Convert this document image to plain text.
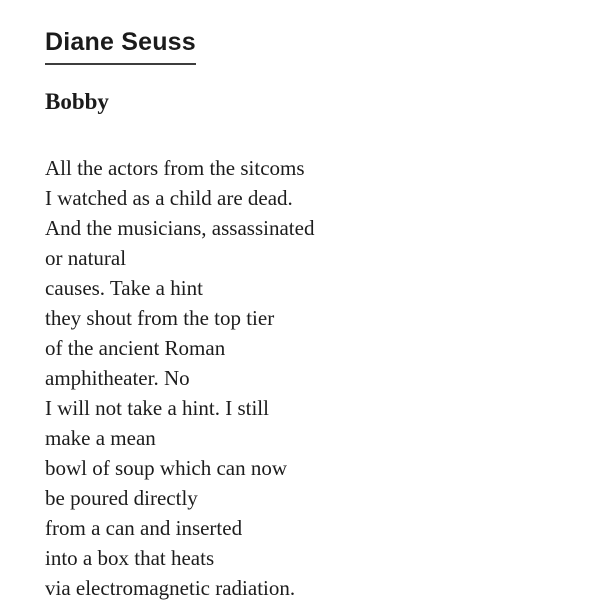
Diane Seuss
Bobby
All the actors from the sitcoms
I watched as a child are dead.
And the musicians, assassinated
or natural
causes. Take a hint
they shout from the top tier
of the ancient Roman
amphitheater. No
I will not take a hint. I still
make a mean
bowl of soup which can now
be poured directly
from a can and inserted
into a box that heats
via electromagnetic radiation.
